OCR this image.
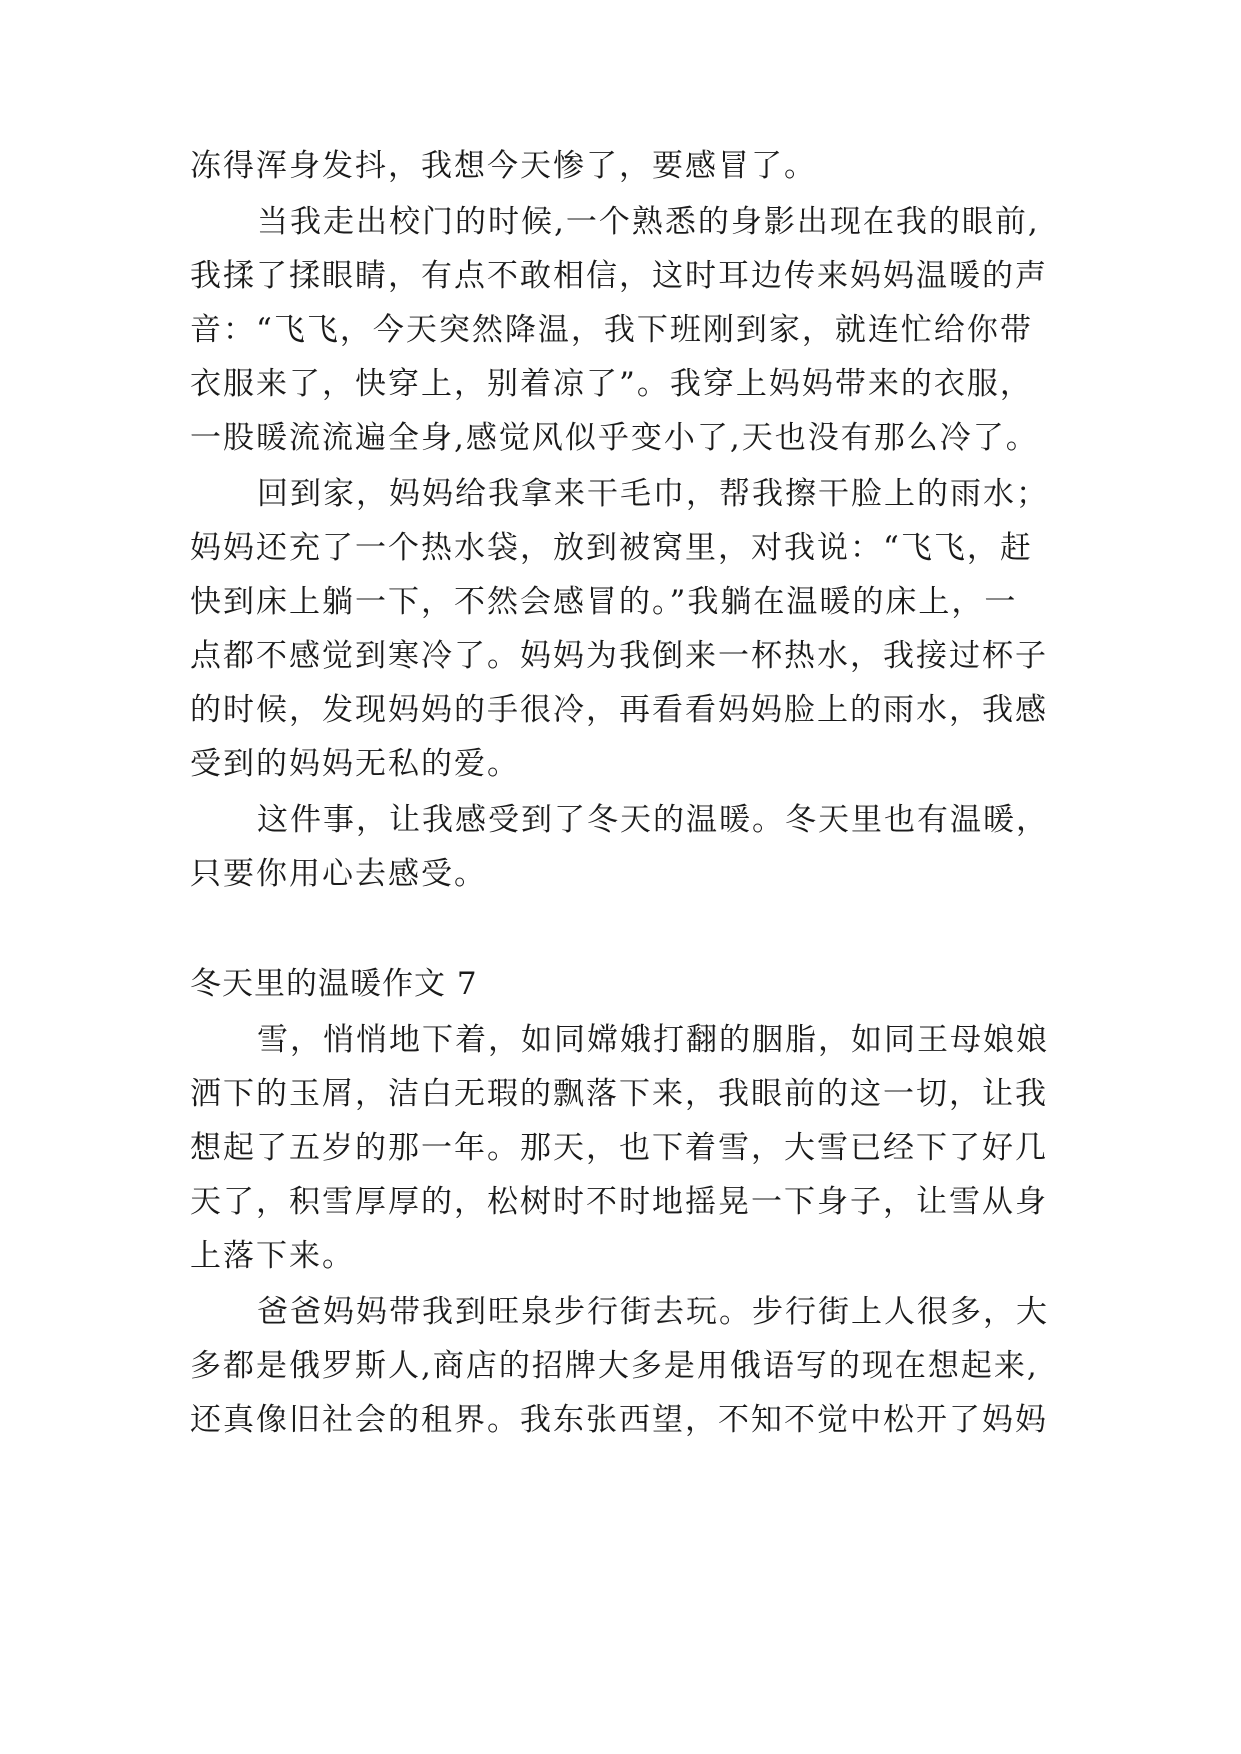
冻得浑身发抖，我想今天惨了，要感冒了。
当我走出校门的时候,一个熟悉的身影出现在我的眼前,
我揉了揉眼睛，有点不敢相信，这时耳边传来妈妈温暖的声
音：“飞飞，今天突然降温，我下班刚到家，就连忙给你带
衣服来了，快穿上，别着凉了”。我穿上妈妈带来的衣服，
一股暖流流遍全身,感觉风似乎变小了,天也没有那么冷了。
回到家，妈妈给我拿来干毛巾，帮我擦干脸上的雨水；
妈妈还充了一个热水袋，放到被窝里，对我说：“飞飞，赶
快到床上躺一下，不然会感冒的。”我躺在温暖的床上，一
点都不感觉到寒冷了。妈妈为我倒来一杯热水，我接过杯子
的时候，发现妈妈的手很冷，再看看妈妈脸上的雨水，我感
受到的妈妈无私的爱。
这件事，让我感受到了冬天的温暖。冬天里也有温暖，
只要你用心去感受。
冬天里的温暖作文 7
雪，悄悄地下着，如同嫦娥打翻的胭脂，如同王母娘娘
洒下的玉屑，洁白无瑕的飘落下来，我眼前的这一切，让我
想起了五岁的那一年。那天，也下着雪，大雪已经下了好几
天了，积雪厚厚的，松树时不时地摇晃一下身子，让雪从身
上落下来。
爸爸妈妈带我到旺泉步行街去玩。步行街上人很多，大
多都是俄罗斯人,商店的招牌大多是用俄语写的现在想起来,
还真像旧社会的租界。我东张西望，不知不觉中松开了妈妈
